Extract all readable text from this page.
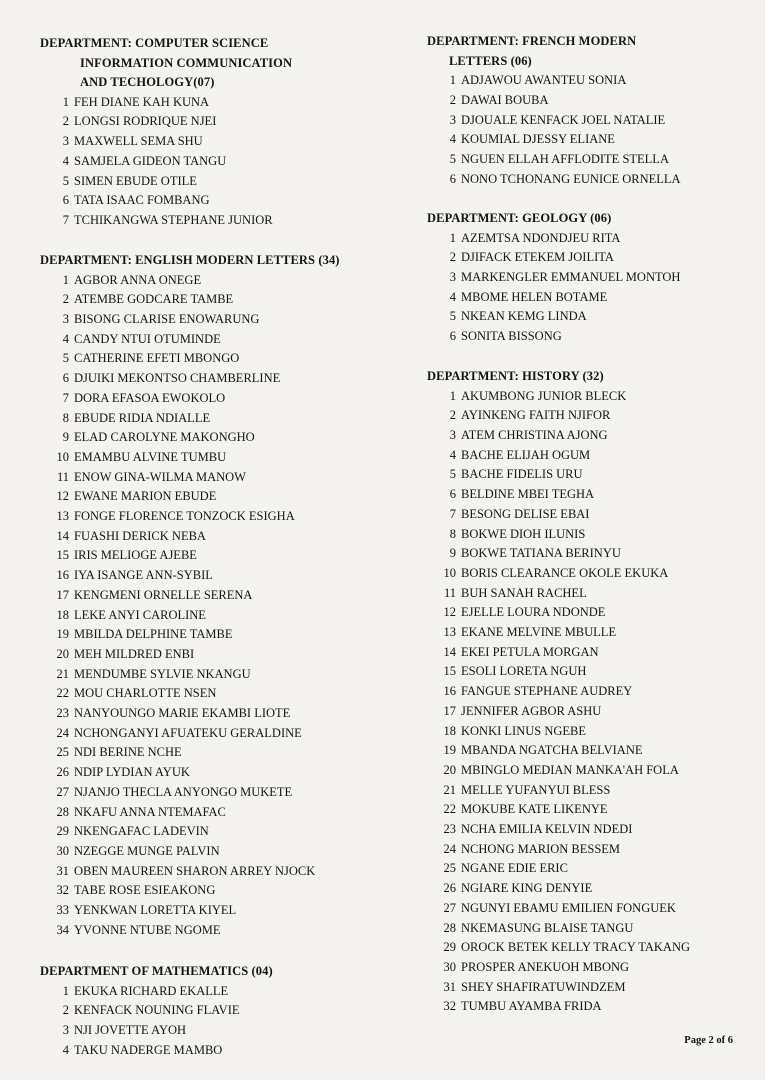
DEPARTMENT: COMPUTER SCIENCE
INFORMATION COMMUNICATION
AND TECHOLOGY(07)
1 FEH DIANE KAH KUNA
2 LONGSI RODRIQUE NJEI
3 MAXWELL SEMA SHU
4 SAMJELA GIDEON TANGU
5 SIMEN EBUDE OTILE
6 TATA ISAAC FOMBANG
7 TCHIKANGWA STEPHANE JUNIOR
DEPARTMENT: ENGLISH MODERN LETTERS (34)
1 AGBOR ANNA ONEGE
2 ATEMBE GODCARE TAMBE
3 BISONG CLARISE ENOWARUNG
4 CANDY NTUI OTUMINDE
5 CATHERINE EFETI MBONGO
6 DJUIKI MEKONTSO CHAMBERLINE
7 DORA EFASOA EWOKOLO
8 EBUDE RIDIA NDIALLE
9 ELAD CAROLYNE MAKONGHO
10 EMAMBU ALVINE TUMBU
11 ENOW GINA-WILMA MANOW
12 EWANE MARION EBUDE
13 FONGE FLORENCE TONZOCK ESIGHA
14 FUASHI DERICK NEBA
15 IRIS MELIOGE AJEBE
16 IYA ISANGE ANN-SYBIL
17 KENGMENI ORNELLE SERENA
18 LEKE ANYI CAROLINE
19 MBILDA DELPHINE TAMBE
20 MEH MILDRED ENBI
21 MENDUMBE SYLVIE NKANGU
22 MOU CHARLOTTE NSEN
23 NANYOUNGO MARIE EKAMBI LIOTE
24 NCHONGANYI AFUATEKU GERALDINE
25 NDI BERINE NCHE
26 NDIP LYDIAN AYUK
27 NJANJO THECLA ANYONGO MUKETE
28 NKAFU ANNA NTEMAFAC
29 NKENGAFAC LADEVIN
30 NZEGGE MUNGE PALVIN
31 OBEN MAUREEN SHARON ARREY NJOCK
32 TABE ROSE ESIEAKONG
33 YENKWAN LORETTA KIYEL
34 YVONNE NTUBE NGOME
DEPARTMENT OF MATHEMATICS (04)
1 EKUKA RICHARD EKALLE
2 KENFACK NOUNING FLAVIE
3 NJI JOVETTE AYOH
4 TAKU NADERGE MAMBO
DEPARTMENT: FRENCH MODERN
LETTERS (06)
1 ADJAWOU AWANTEU SONIA
2 DAWAI BOUBA
3 DJOUALE KENFACK JOEL NATALIE
4 KOUMIAL DJESSY ELIANE
5 NGUEN ELLAH AFFLODITE STELLA
6 NONO TCHONANG EUNICE ORNELLA
DEPARTMENT: GEOLOGY (06)
1 AZEMTSA NDONDJEU RITA
2 DJIFACK ETEKEM JOILITA
3 MARKENGLER EMMANUEL MONTOH
4 MBOME HELEN BOTAME
5 NKEAN KEMG LINDA
6 SONITA BISSONG
DEPARTMENT: HISTORY (32)
1 AKUMBONG JUNIOR BLECK
2 AYINKENG FAITH NJIFOR
3 ATEM CHRISTINA AJONG
4 BACHE ELIJAH OGUM
5 BACHE FIDELIS URU
6 BELDINE MBEI TEGHA
7 BESONG DELISE EBAI
8 BOKWE DIOH ILUNIS
9 BOKWE TATIANA BERINYU
10 BORIS CLEARANCE OKOLE EKUKA
11 BUH SANAH RACHEL
12 EJELLE LOURA NDONDE
13 EKANE MELVINE MBULLE
14 EKEI PETULA MORGAN
15 ESOLI LORETA NGUH
16 FANGUE STEPHANE AUDREY
17 JENNIFER AGBOR ASHU
18 KONKI LINUS NGEBE
19 MBANDA NGATCHA BELVIANE
20 MBINGLO MEDIAN MANKA'AH FOLA
21 MELLE YUFANYUI BLESS
22 MOKUBE KATE LIKENYE
23 NCHA EMILIA KELVIN NDEDI
24 NCHONG MARION BESSEM
25 NGANE EDIE ERIC
26 NGIARE KING DENYIE
27 NGUNYI EBAMU EMILIEN FONGUEK
28 NKEMASUNG BLAISE TANGU
29 OROCK BETEK KELLY TRACY TAKANG
30 PROSPER ANEKUOH MBONG
31 SHEY SHAFIRATUWINDZEM
32 TUMBU AYAMBA FRIDA
Page 2 of 6
